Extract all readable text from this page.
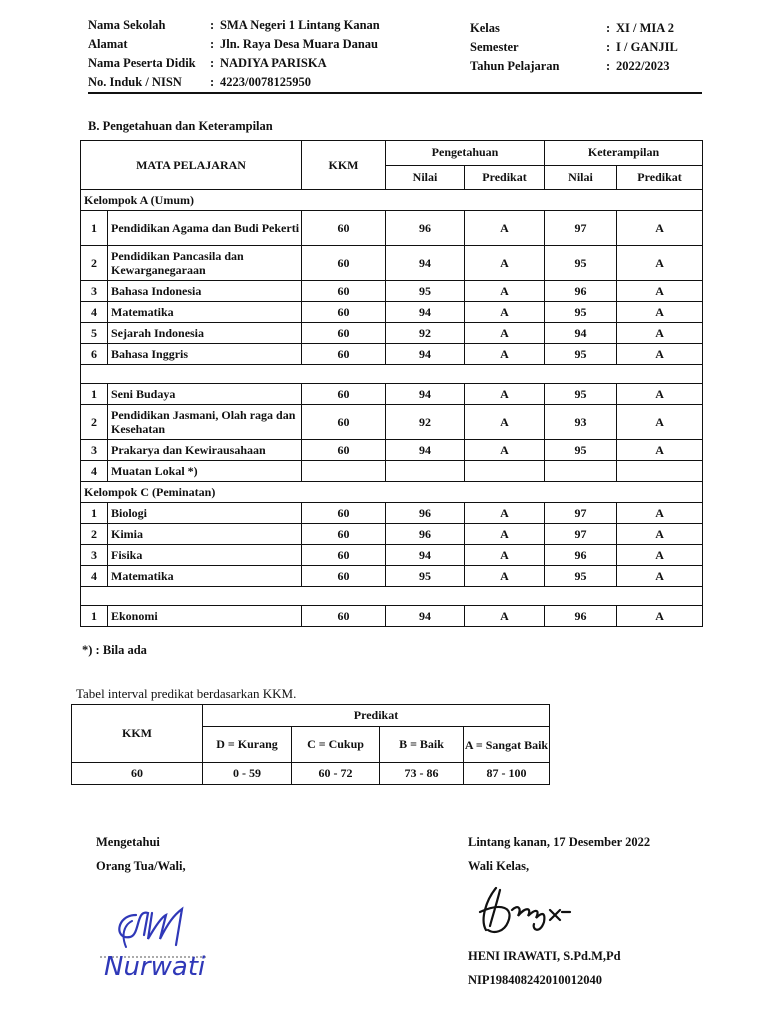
Nama Sekolah	: SMA Negeri 1 Lintang Kanan
Alamat	: Jln. Raya Desa Muara Danau
Nama Peserta Didik : NADIYA PARISKA
No. Induk / NISN : 4223/0078125950
Kelas	: XI / MIA 2
Semester	: I / GANJIL
Tahun Pelajaran	: 2022/2023
B. Pengetahuan dan Keterampilan
MATA PELAJARAN		KKM	Pengetahuan		Keterampilan	
			Nilai	Predikat	Nilai	Predikat
Kelompok A (Umum)						
1	Pendidikan Agama dan Budi Pekerti	60	96	A	97	A
2	Pendidikan Pancasila dan Kewarganegaraan	60	94	A	95	A
3	Bahasa Indonesia	60	95	A	96	A
4	Matematika	60	94	A	95	A
5	Sejarah Indonesia	60	92	A	94	A
6	Bahasa Inggris	60	94	A	95	A

1	Seni Budaya	60	94	A	95	A
2	Pendidikan Jasmani, Olah raga dan Kesehatan	60	92	A	93	A
3	Prakarya dan Kewirausahaan	60	94	A	95	A
4	Muatan Lokal *)					
Kelompok C (Peminatan)						
1	Biologi	60	96	A	97	A
2	Kimia	60	96	A	97	A
3	Fisika	60	94	A	96	A
4	Matematika	60	95	A	95	A

1	Ekonomi	60	94	A	96	A
*) : Bila ada
Tabel interval predikat berdasarkan KKM.
KKM	Predikat			
	D = Kurang	C = Cukup	B = Baik	A = Sangat Baik
60	0 - 59	60 - 72	73 - 86	87 - 100
Mengetahui
Orang Tua/Wali,
Nurwati
Lintang kanan, 17 Desember 2022
Wali Kelas,
HENI IRAWATI, S.Pd.M,Pd
NIP198408242010012040
